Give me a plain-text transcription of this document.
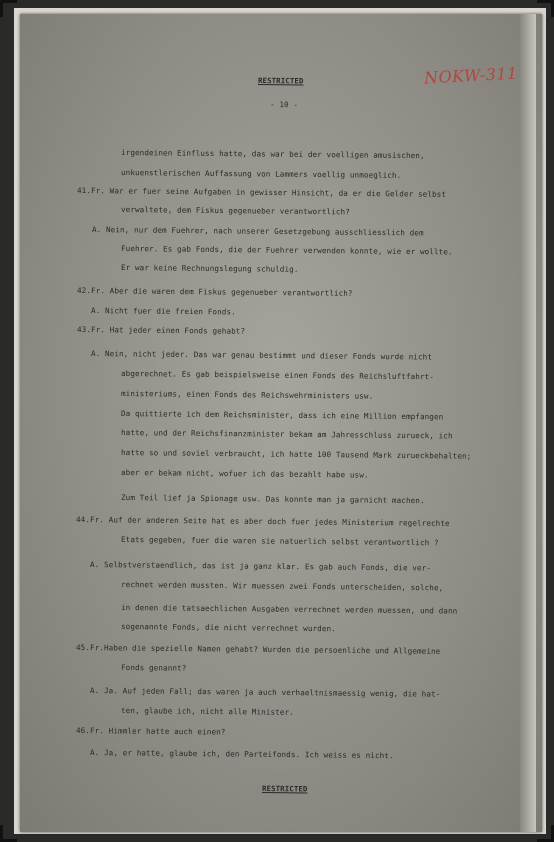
RESTRICTED
- 10 -
NOKW-311
irgendeinen Einfluss hatte, das war bei der voelligen amusischen,
unkuenstlerischen Auffassung von Lammers voellig unmoeglich.
41.Fr. War er fuer seine Aufgaben in gewisser Hinsicht, da er die Gelder selbst
verwaltete, dem Fiskus gegenueber verantwortlich?
A. Nein, nur dem Fuehrer, nach unserer Gesetzgebung ausschliesslich dem
Fuehrer. Es gab Fonds, die der Fuehrer verwenden konnte, wie er wollte.
Er war keine Rechnungslegung schuldig.
42.Fr. Aber die waren dem Fiskus gegenueber verantwortlich?
A. Nicht fuer die freien Fonds.
43.Fr. Hat jeder einen Fonds gehabt?
A. Nein, nicht jeder. Das war genau bestimmt und dieser Fonds wurde nicht
abgerechnet. Es gab beispielsweise einen Fonds des Reichsluftfahrt-
ministeriums, einen Fonds des Reichswehrministers usw.
Da quittierte ich dem Reichsminister, dass ich eine Million empfangen
hatte, und der Reichsfinanzminister bekam am Jahresschluss zurueck, ich
hatte so und soviel verbraucht, ich hatte 100 Tausend Mark zurueckbehalten;
aber er bekam nicht, wofuer ich das bezahlt habe usw.
Zum Teil lief ja Spionage usw. Das konnte man ja garnicht machen.
44.Fr. Auf der anderen Seite hat es aber doch fuer jedes Ministerium regelrechte
Etats gegeben, fuer die waren sie natuerlich selbst verantwortlich ?
A. Selbstverstaendlich, das ist ja ganz klar. Es gab auch Fonds, die ver-
rechnet werden mussten. Wir muessen zwei Fonds unterscheiden, solche,
in denen die tatsaechlichen Ausgaben verrechnet werden muessen, und dann
sogenannte Fonds, die nicht verrechnet wurden.
45.Fr.Haben die spezielle Namen gehabt? Wurden die persoenliche und Allgemeine
Fonds genannt?
A. Ja. Auf jeden Fall; das waren ja auch verhaeltnismaessig wenig, die hat-
ten, glaube ich, nicht alle Minister.
46.Fr. Himmler hatte auch einen?
A. Ja, er hatte, glaube ich, den Parteifonds. Ich weiss es nicht.
RESTRICTED
